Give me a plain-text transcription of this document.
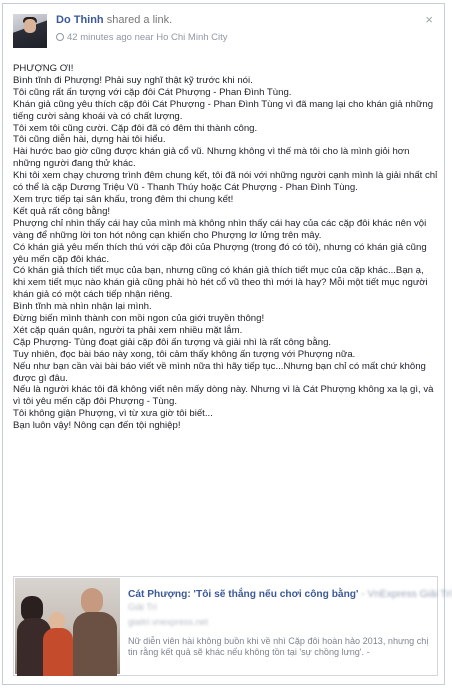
Do Thinh shared a link.
42 minutes ago near Ho Chi Minh City
×

PHƯỢNG ƠI!

Bình tĩnh đi Phượng! Phải suy nghĩ thật kỹ trước khi nói.

Tôi cũng rất ấn tượng với cặp đôi Cát Phượng - Phan Đình Tùng.

Khán giả cũng yêu thích cặp đôi Cát Phượng - Phan Đình Tùng vì đã mang lại cho khán giả những tiếng cười sảng khoái và có chất lượng.

Tôi xem tôi cũng cười. Cặp đôi đã có đêm thi thành công.

Tôi cũng diễn hài, dựng hài tôi hiểu.

Hài hước bao giờ cũng được khán giả cổ vũ. Nhưng không vì thế mà tôi cho là mình giỏi hơn những người đang thử khác.

Khi tôi xem chạy chương trình đêm chung kết, tôi đã nói với những người cạnh mình là giải nhất chỉ có thể là cặp Dương Triệu Vũ - Thanh Thúy hoặc Cát Phượng - Phan Đình Tùng.

Xem trực tiếp tại sân khấu, trong đêm thi chung kết!

Kết quả rất công bằng!

Phượng chỉ nhìn thấy cái hay của mình mà không nhìn thấy cái hay của các cặp đôi khác nên vội vàng để những lời ton hót nông cạn khiến cho Phượng lơ lửng trên mây.

Có khán giả yêu mến thích thú với cặp đôi của Phượng (trong đó có tôi), nhưng có khán giả cũng yêu mến cặp đôi khác.

Có khán giả thích tiết mục của bạn, nhưng cũng có khán giả thích tiết mục của cặp khác...Bạn ạ, khi xem tiết mục nào khán giả cũng phải hò hét cổ vũ theo thì mới là hay? Mỗi một tiết mục người khán giả có một cách tiếp nhận riêng.

Bình tĩnh mà nhìn nhận lại mình.

Đừng biến mình thành con mồi ngon của giới truyền thông!

Xét cặp quán quân, người ta phải xem nhiều mặt lắm.

Cặp Phượng- Tùng đoạt giải cặp đôi ấn tượng và giải nhì là rất công bằng.

Tuy nhiên, đọc bài báo này xong, tôi cảm thấy không ấn tượng với Phượng nữa.

Nếu như bạn cần vài bài báo viết về mình nữa thì hãy tiếp tục...Nhưng bạn chỉ có mất chứ không được gì đâu.

Nếu là người khác tôi đã không viết nên mấy dòng này. Nhưng vì là Cát Phượng không xa lạ gì, và vì tôi yêu mến cặp đôi Phượng - Tùng.

Tôi không giận Phượng, vì từ xưa giờ tôi biết...

Bạn luôn vậy! Nông cạn đến tội nghiệp!

Cát Phượng: 'Tôi sẽ thắng nếu chơi công bằng' - VnExpress Giải Trí
Giải Trí
giaitri.vnexpress.net
Nữ diễn viên hài không buồn khi về nhì Cặp đôi hoàn hảo 2013, nhưng chị tin rằng kết quả sẽ khác nếu không tồn tại 'sự chồng lưng'. -
